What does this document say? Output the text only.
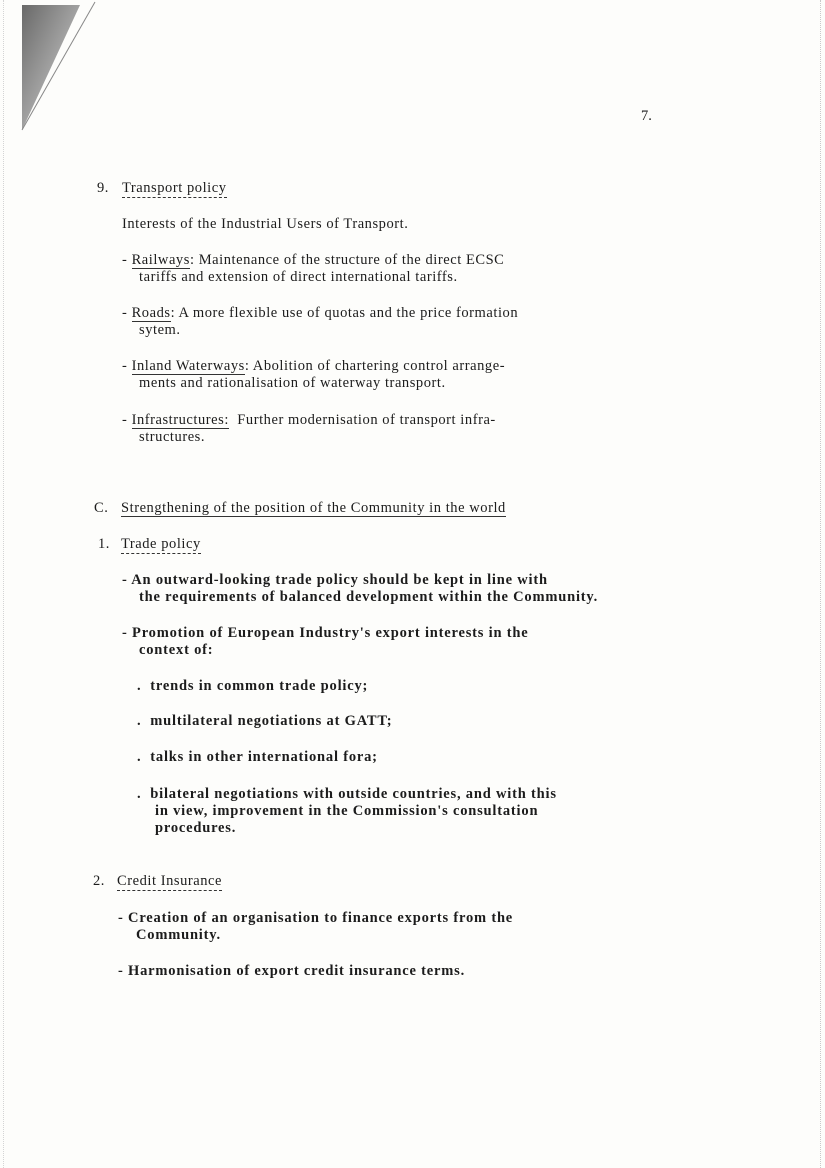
7.
9. Transport policy
Interests of the Industrial Users of Transport.
- Railways: Maintenance of the structure of the direct ECSC
tariffs and extension of direct international tariffs.
- Roads: A more flexible use of quotas and the price formation
sytem.
- Inland Waterways: Abolition of chartering control arrange-
ments and rationalisation of waterway transport.
- Infrastructures: Further modernisation of transport infra-
structures.
C. Strengthening of the position of the Community in the world
1. Trade policy
- An outward-looking trade policy should be kept in line with
the requirements of balanced development within the Community.
- Promotion of European Industry's export interests in the
context of:
.  trends in common trade policy;
.  multilateral negotiations at GATT;
.  talks in other international fora;
.  bilateral negotiations with outside countries, and with this
in view, improvement in the Commission's consultation
procedures.
2. Credit Insurance
- Creation of an organisation to finance exports from the
Community.
- Harmonisation of export credit insurance terms.
